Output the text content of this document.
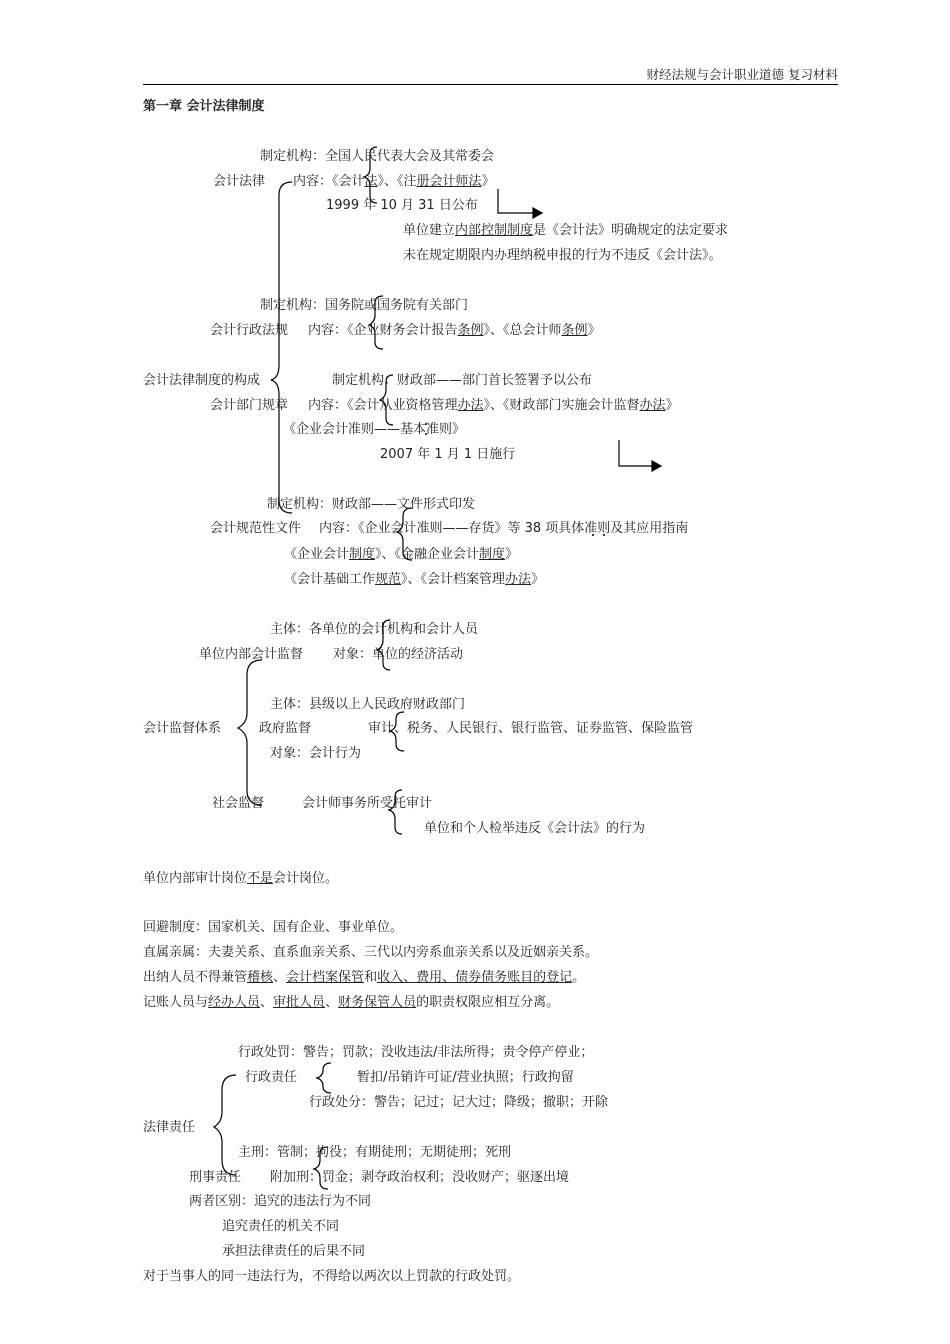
财经法规与会计职业道德 复习材料
第一章 会计法律制度
制定机构：全国人民代表大会及其常委会
会计法律 内容：《会计法》、《注册会计师法》
1999 年 10 月 31 日公布
单位建立内部控制制度是《会计法》明确规定的法定要求
未在规定期限内办理纳税申报的行为不违反《会计法》。
制定机构：国务院或国务院有关部门
会计行政法规 内容：《企业财务会计报告条例》、《总会计师条例》
会计法律制度的构成	制定机构：财政部——部门首长签署予以公布
会计部门规章 内容：《会计从业资格管理办法》、《财政部门实施会计监督办法》
《企业会计准则——基本准则》
2007 年 1 月 1 日施行
制定机构：财政部——文件形式印发
会计规范性文件 内容：《企业会计准则——存货》等 38 项具体准则及其应用指南
《企业会计制度》、《金融企业会计制度》
《会计基础工作规范》、《会计档案管理办法》
主体：各单位的会计机构和会计人员
单位内部会计监督 对象：单位的经济活动
主体：县级以上人民政府财政部门
会计监督体系	政府监督	审计、税务、人民银行、银行监管、证券监管、保险监管
对象：会计行为
社会监督	会计师事务所受托审计
单位和个人检举违反《会计法》的行为
单位内部审计岗位不是会计岗位。
回避制度：国家机关、国有企业、事业单位。
直属亲属：夫妻关系、直系血亲关系、三代以内旁系血亲关系以及近姻亲关系。
出纳人员不得兼管稽核、会计档案保管和收入、费用、债券债务账目的登记。
记账人员与经办人员、审批人员、财务保管人员的职责权限应相互分离。
行政处罚：警告；罚款；没收违法/非法所得；责令停产停业；
行政责任	暂扣/吊销许可证/营业执照；行政拘留
行政处分：警告；记过；记大过；降级；撤职；开除
法律责任
主刑：管制；拘役；有期徒刑；无期徒刑；死刑
刑事责任 附加刑：罚金；剥夺政治权利；没收财产；驱逐出境
两者区别：追究的违法行为不同
追究责任的机关不同
承担法律责任的后果不同
对于当事人的同一违法行为，不得给以两次以上罚款的行政处罚。
